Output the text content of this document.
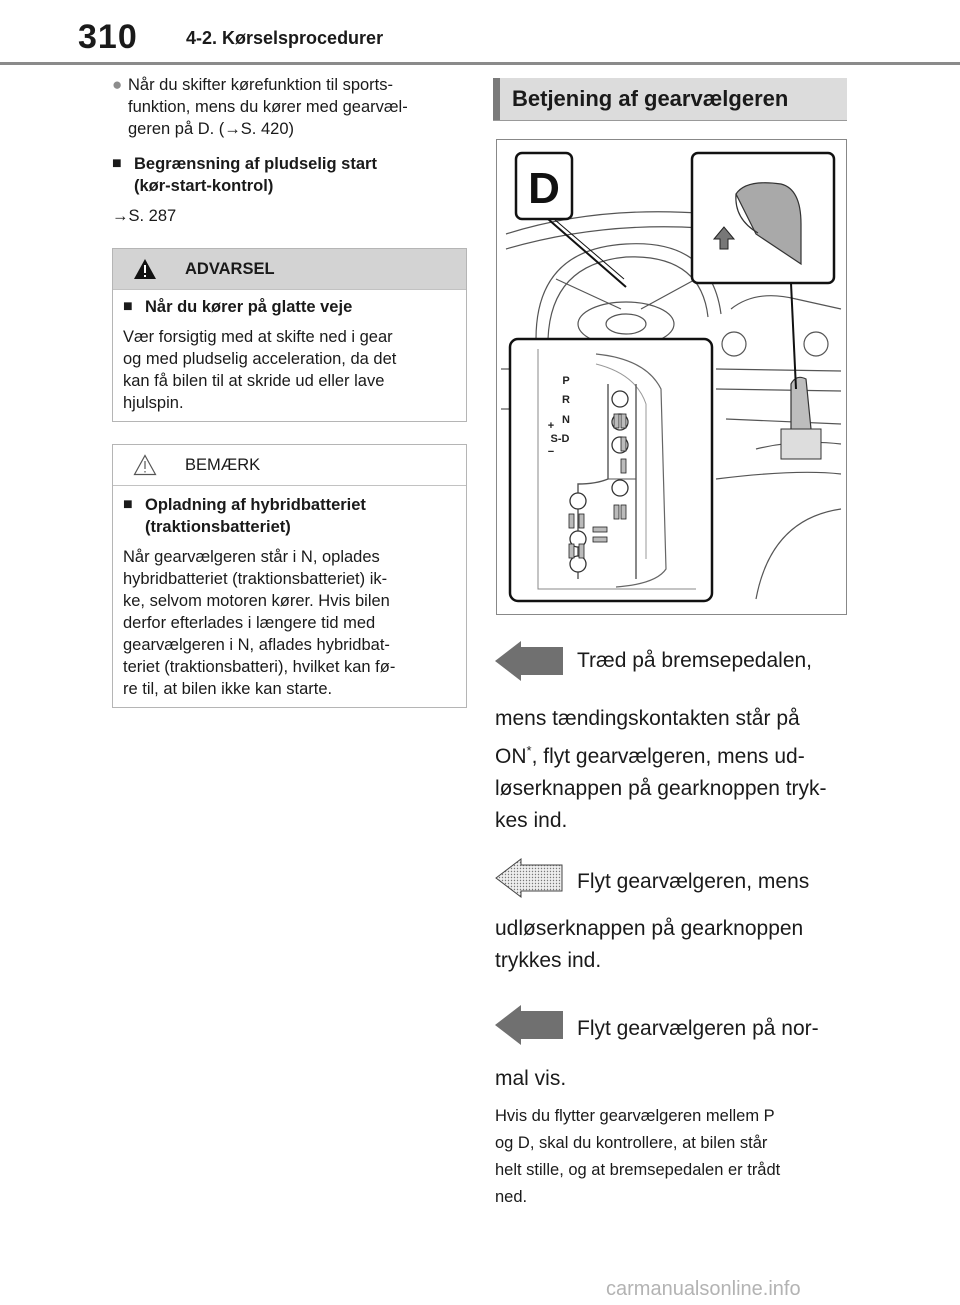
310	4-2. Kørselsprocedurer
● Når du skifter kørefunktion til sports-
funktion, mens du kører med gearvæl-
geren på D. (→S. 420)
■ Begrænsning af pludselig start
(kør-start-kontrol)
→S. 287
ADVARSEL
■ Når du kører på glatte veje
Vær forsigtig med at skifte ned i gear
og med pludselig acceleration, da det
kan få bilen til at skride ud eller lave
hjulspin.
BEMÆRK
■ Opladning af hybridbatteriet
(traktionsbatteriet)
Når gearvælgeren står i N, oplades
hybridbatteriet (traktionsbatteriet) ik-
ke, selvom motoren kører. Hvis bilen
derfor efterlades i længere tid med
gearvælgeren i N, aflades hybridbat-
teriet (traktionsbatteri), hvilket kan fø-
re til, at bilen ikke kan starte.
Betjening af gearvælgeren
D
P
R
N
+
S-D
−
Træd på bremsepedalen,
mens tændingskontakten står på
ON*, flyt gearvælgeren, mens ud-
løserknappen på gearknoppen tryk-
kes ind.
Flyt gearvælgeren, mens
udløserknappen på gearknoppen
trykkes ind.
Flyt gearvælgeren på nor-
mal vis.
Hvis du flytter gearvælgeren mellem P
og D, skal du kontrollere, at bilen står
helt stille, og at bremsepedalen er trådt
ned.
carmanualsonline.info
